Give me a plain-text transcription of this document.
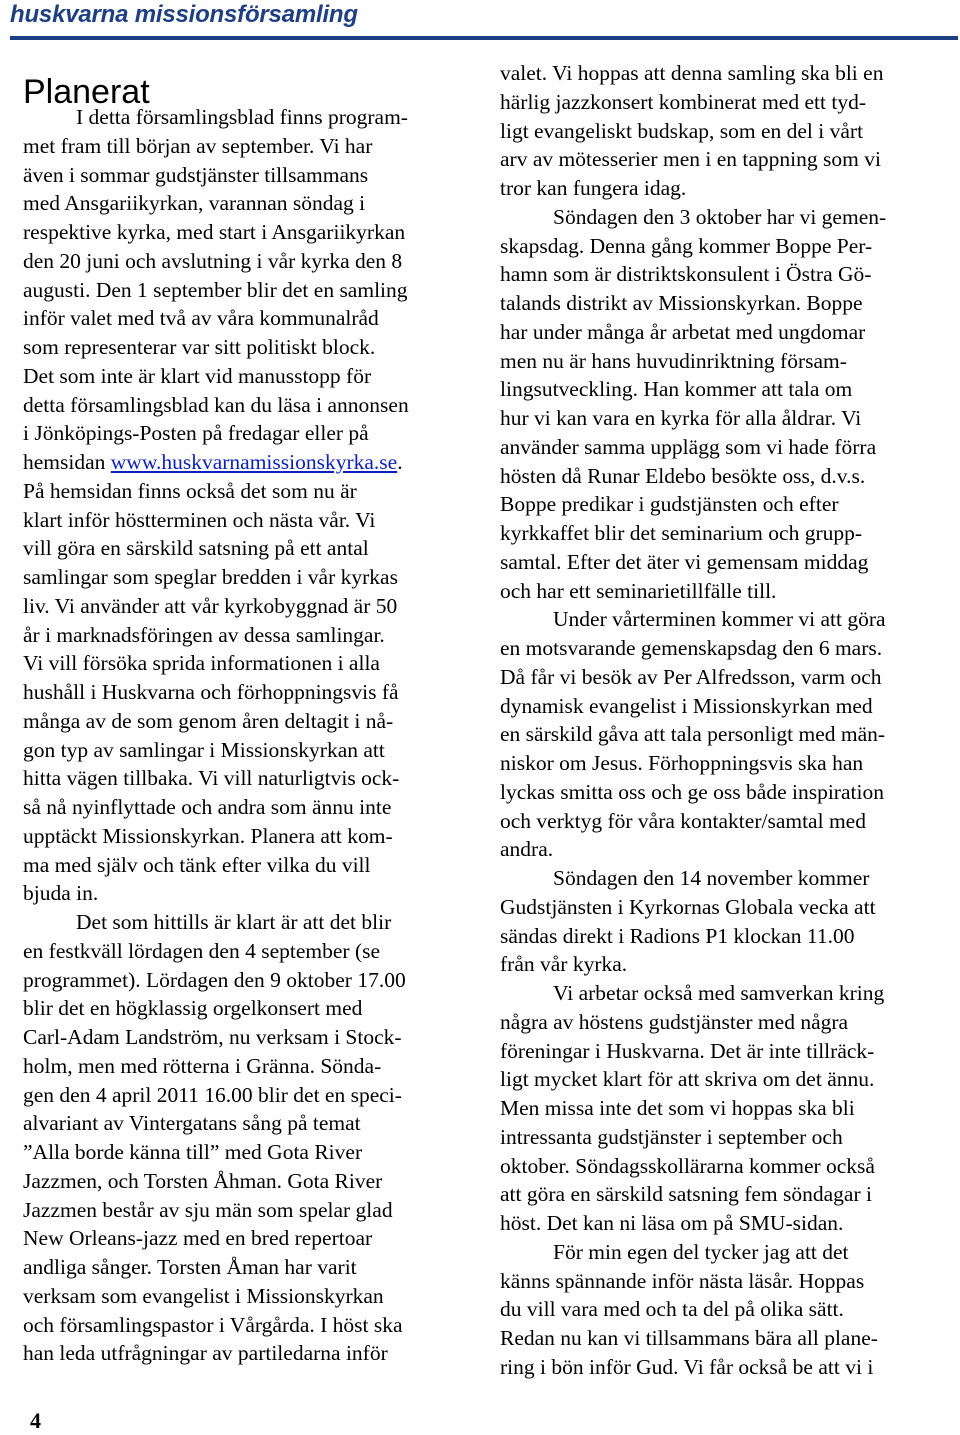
huskvarna missionsförsamling
Planerat
I detta församlingsblad finns program-
met fram till början av september. Vi har
även i sommar gudstjänster tillsammans
med Ansgariikyrkan, varannan söndag i
respektive kyrka, med start i Ansgariikyrkan
den 20 juni och avslutning i vår kyrka den 8
augusti. Den 1 september blir det en samling
inför valet med två av våra kommunalråd
som representerar var sitt politiskt block.
Det som inte är klart vid manusstopp för
detta församlingsblad kan du läsa i annonsen
i Jönköpings-Posten på fredagar eller på
hemsidan www.huskvarnamissionskyrka.se.
På hemsidan finns också det som nu är
klart inför höstterminen och nästa vår. Vi
vill göra en särskild satsning på ett antal
samlingar som speglar bredden i vår kyrkas
liv. Vi använder att vår kyrkobyggnad är 50
år i marknadsföringen av dessa samlingar.
Vi vill försöka sprida informationen i alla
hushåll i Huskvarna och förhoppningsvis få
många av de som genom åren deltagit i nå-
gon typ av samlingar i Missionskyrkan att
hitta vägen tillbaka. Vi vill naturligtvis ock-
så nå nyinflyttade och andra som ännu inte
upptäckt Missionskyrkan. Planera att kom-
ma med själv och tänk efter vilka du vill
bjuda in.
Det som hittills är klart är att det blir
en festkväll lördagen den 4 september (se
programmet). Lördagen den 9 oktober 17.00
blir det en högklassig orgelkonsert med
Carl-Adam Landström, nu verksam i Stock-
holm, men med rötterna i Gränna. Sönda-
gen den 4 april 2011 16.00 blir det en speci-
alvariant av Vintergatans sång på temat
”Alla borde känna till” med Gota River
Jazzmen, och Torsten Åhman. Gota River
Jazzmen består av sju män som spelar glad
New Orleans-jazz med en bred repertoar
andliga sånger. Torsten Åman har varit
verksam som evangelist i Missionskyrkan
och församlingspastor i Vårgårda. I höst ska
han leda utfrågningar av partiledarna inför
valet. Vi hoppas att denna samling ska bli en
härlig jazzkonsert kombinerat med ett tyd-
ligt evangeliskt budskap, som en del i vårt
arv av mötesserier men i en tappning som vi
tror kan fungera idag.
Söndagen den 3 oktober har vi gemen-
skapsdag. Denna gång kommer Boppe Per-
hamn som är distriktskonsulent i Östra Gö-
talands distrikt av Missionskyrkan. Boppe
har under många år arbetat med ungdomar
men nu är hans huvudinriktning försam-
lingsutveckling. Han kommer att tala om
hur vi kan vara en kyrka för alla åldrar. Vi
använder samma upplägg som vi hade förra
hösten då Runar Eldebo besökte oss, d.v.s.
Boppe predikar i gudstjänsten och efter
kyrkkaffet blir det seminarium och grupp-
samtal. Efter det äter vi gemensam middag
och har ett seminarietillfälle till.
Under vårterminen kommer vi att göra
en motsvarande gemenskapsdag den 6 mars.
Då får vi besök av Per Alfredsson, varm och
dynamisk evangelist i Missionskyrkan med
en särskild gåva att tala personligt med män-
niskor om Jesus. Förhoppningsvis ska han
lyckas smitta oss och ge oss både inspiration
och verktyg för våra kontakter/samtal med
andra.
Söndagen den 14 november kommer
Gudstjänsten i Kyrkornas Globala vecka att
sändas direkt i Radions P1 klockan 11.00
från vår kyrka.
Vi arbetar också med samverkan kring
några av höstens gudstjänster med några
föreningar i Huskvarna. Det är inte tillräck-
ligt mycket klart för att skriva om det ännu.
Men missa inte det som vi hoppas ska bli
intressanta gudstjänster i september och
oktober. Söndagsskollärarna kommer också
att göra en särskild satsning fem söndagar i
höst. Det kan ni läsa om på SMU-sidan.
För min egen del tycker jag att det
känns spännande inför nästa läsår. Hoppas
du vill vara med och ta del på olika sätt.
Redan nu kan vi tillsammans bära all plane-
ring i bön inför Gud. Vi får också be att vi i
4
